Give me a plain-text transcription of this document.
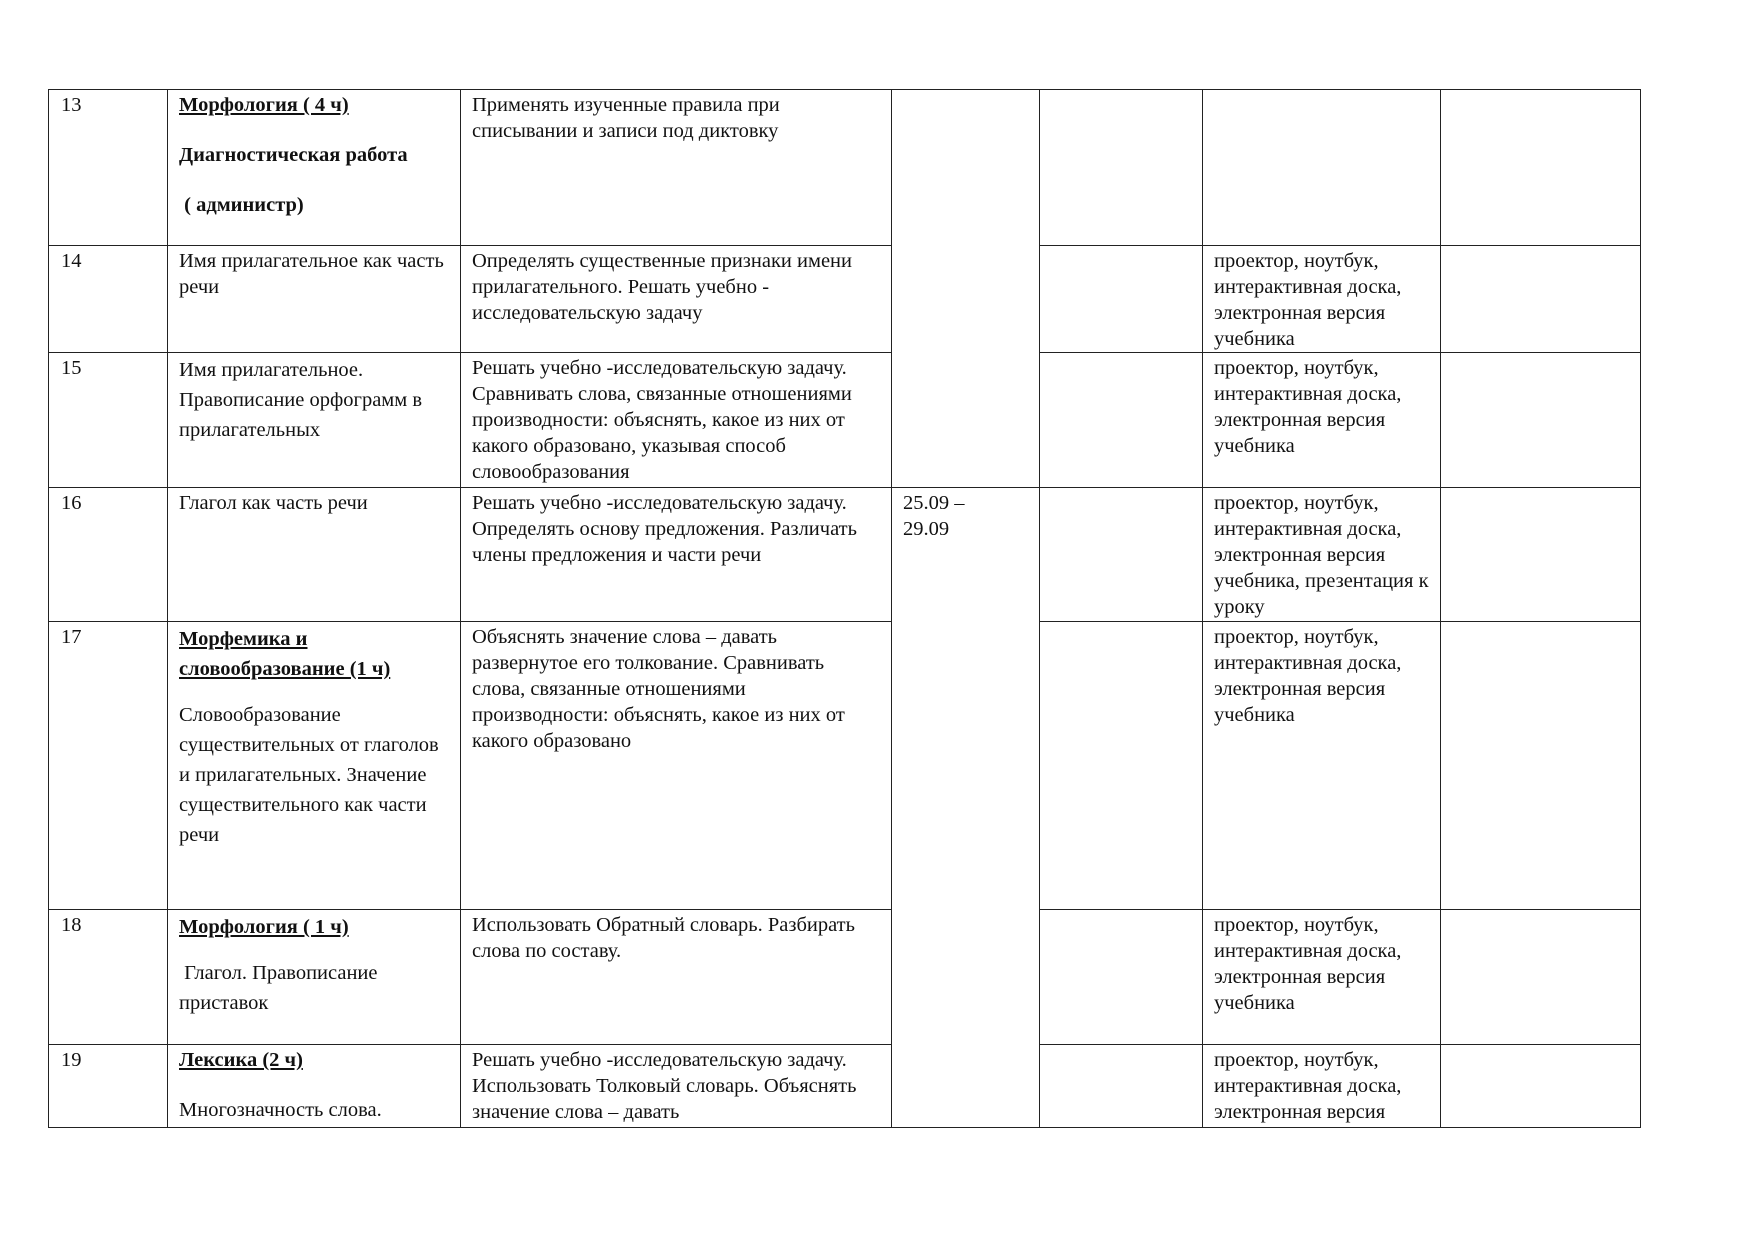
13	Морфология ( 4 ч)
Диагностическая работа
( администр)	Применять изученные правила при списывании и записи под диктовку				
14	Имя прилагательное как часть речи	Определять существенные признаки имени прилагательного. Решать учебно - исследовательскую задачу			проектор, ноутбук, интерактивная доска, электронная версия учебника	
15	Имя прилагательное. Правописание орфограмм в прилагательных	Решать учебно -исследовательскую задачу. Сравнивать слова, связанные отношениями производности: объяснять, какое из них от какого образовано, указывая способ словообразования			проектор, ноутбук, интерактивная доска, электронная версия учебника	
16	Глагол как часть речи	Решать учебно -исследовательскую задачу. Определять основу предложения. Различать члены предложения и части речи	25.09 – 29.09		проектор, ноутбук, интерактивная доска, электронная версия учебника, презентация к уроку	
17	Морфемика и словообразование (1 ч)
Словообразование существительных от глаголов и прилагательных. Значение существительного как части речи	Объяснять значение слова – давать развернутое его толкование. Сравнивать слова, связанные отношениями производности: объяснять, какое из них от какого образовано			проектор, ноутбук, интерактивная доска, электронная версия учебника	
18	Морфология ( 1 ч)
Глагол. Правописание приставок	Использовать Обратный словарь. Разбирать слова по составу.			проектор, ноутбук, интерактивная доска, электронная версия учебника	
19	Лексика (2 ч)
Многозначность слова.	Решать учебно -исследовательскую задачу. Использовать Толковый словарь. Объяснять значение слова – давать			проектор, ноутбук, интерактивная доска, электронная версия	
